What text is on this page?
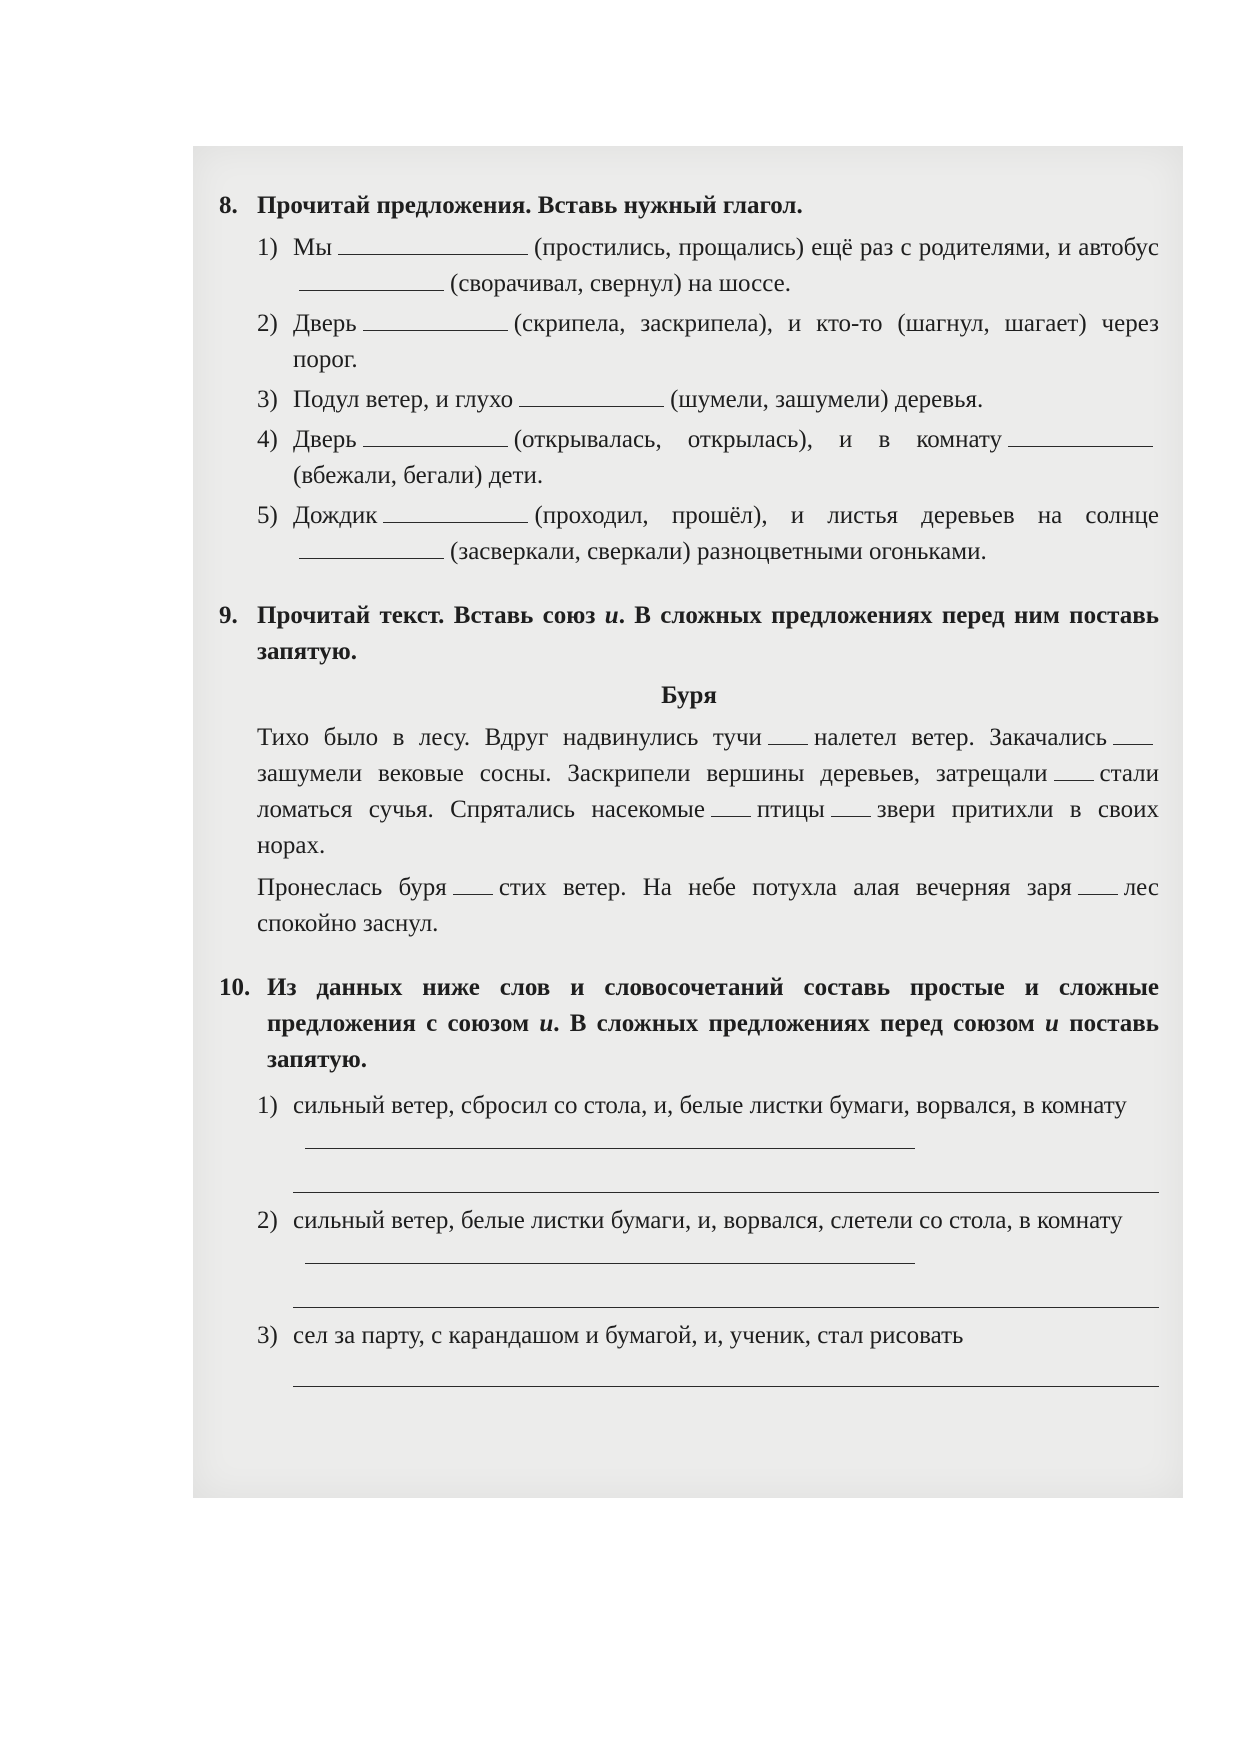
8. Прочитай предложения. Вставь нужный глагол.
1) Мы	(простились, прощались) ещё раз с родителями, и автобус(сворачивал, свернул) на шоссе.
2) Дверь	(скрипела, заскрипела), и кто-то (шагнул, шагает) через порог.
3) Подул ветер, и глухо	(шумели, зашумели) деревья.
4) Дверь	(открывалась, открылась), и в комнату(вбежали, бегали) дети.
5) Дождик	(проходил, прошёл), и листья деревьев на солнце(засверкали, сверкали) разноцветными огоньками.
9. Прочитай текст. Вставь союз и. В сложных предложениях перед ним поставь запятую.
Буря

Тихо было в лесу. Вдруг надвинулись тучи налетел ветер. Закачалисьзашумели вековые сосны. Заскрипели вершины деревьев, затрещали стали ломаться сучья. Спрятались насекомые птицы звери притихли в своих норах.

Пронеслась буря стих ветер. На небе потухла алая вечерняя заря лес спокойно заснул.

10. Из данных ниже слов и словосочетаний составь простые и сложные предложения с союзом и. В сложных предложениях перед союзом и поставь запятую.
1) сильный ветер, сбросил со стола, и, белые листки бумаги, ворвался, в комнату
2) сильный ветер, белые листки бумаги, и, ворвался, слетели со стола, в комнату
3) сел за парту, с карандашом и бумагой, и, ученик, стал рисовать
